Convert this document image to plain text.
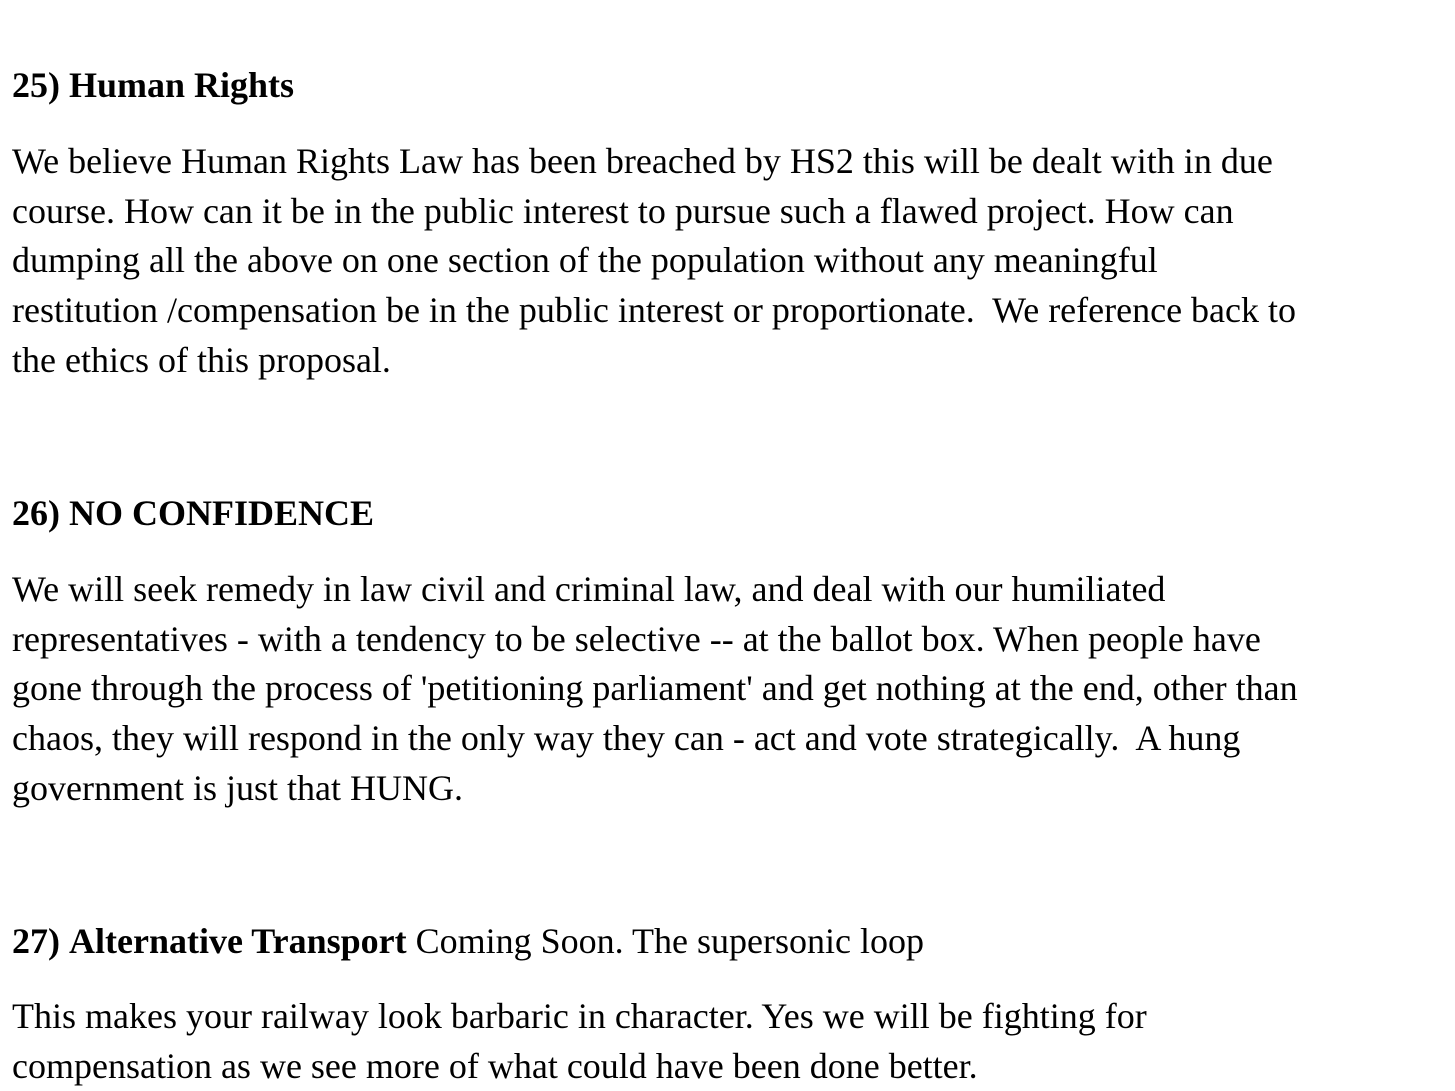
25) Human Rights
We believe Human Rights Law has been breached by HS2 this will be dealt with in due
course. How can it be in the public interest to pursue such a flawed project. How can
dumping all the above on one section of the population without any meaningful
restitution /compensation be in the public interest or proportionate.  We reference back to
the ethics of this proposal.
26) NO CONFIDENCE
We will seek remedy in law civil and criminal law, and deal with our humiliated
representatives - with a tendency to be selective -- at the ballot box. When people have
gone through the process of 'petitioning parliament' and get nothing at the end, other than
chaos, they will respond in the only way they can - act and vote strategically.  A hung
government is just that HUNG.
27) Alternative Transport Coming Soon. The supersonic loop
This makes your railway look barbaric in character. Yes we will be fighting for
compensation as we see more of what could have been done better.
